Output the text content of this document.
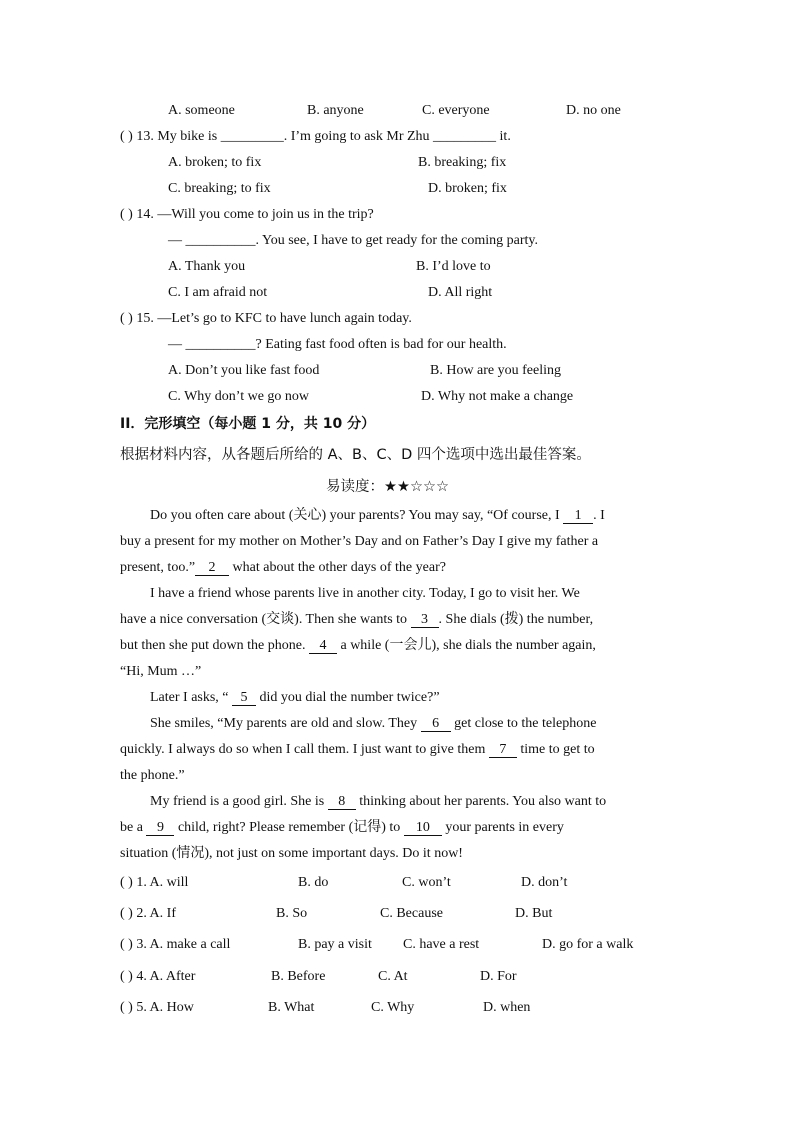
A. someone	B. anyone	C. everyone	D. no one
( ) 13. My bike is _________. I’m going to ask Mr Zhu _________ it.
A. broken; to fix	B. breaking; fix
C. breaking; to fix	D. broken; fix
( ) 14. —Will you come to join us in the trip?
— __________. You see, I have to get ready for the coming party.
A. Thank you	B. I’d love to
C. I am afraid not	D. All right
( ) 15. —Let’s go to KFC to have lunch again today.
— __________? Eating fast food often is bad for our health.
A. Don’t you like fast food	B. How are you feeling
C. Why don’t we go now	D. Why not make a change
II．完形填空（每小题 1 分，共 10 分）
根据材料内容，从各题后所给的 A、B、C、D 四个选项中选出最佳答案。
易读度：★★☆☆☆
Do you often care about (关心) your parents? You may say, “Of course, I 1 . I
buy a present for my mother on Mother’s Day and on Father’s Day I give my father a
present, too.” 2 what about the other days of the year?
I have a friend whose parents live in another city. Today, I go to visit her. We
have a nice conversation (交谈). Then she wants to 3 . She dials (拨) the number,
but then she put down the phone. 4 a while (一会儿), she dials the number again,
“Hi, Mum …”
Later I asks, “ 5 did you dial the number twice?”
She smiles, “My parents are old and slow. They 6 get close to the telephone
quickly. I always do so when I call them. I just want to give them 7 time to get to
the phone.”
My friend is a good girl. She is 8 thinking about her parents. You also want to
be a 9 child, right? Please remember (记得) to 10 your parents in every
situation (情况), not just on some important days. Do it now!
( ) 1. A. will	B. do	C. won’t	D. don’t
( ) 2. A. If	B. So	C. Because	D. But
( ) 3. A. make a call	B. pay a visit C. have a rest	D. go for a walk
( ) 4. A. After	B. Before	C. At	D. For
( ) 5. A. How	B. What	C. Why	D. when
